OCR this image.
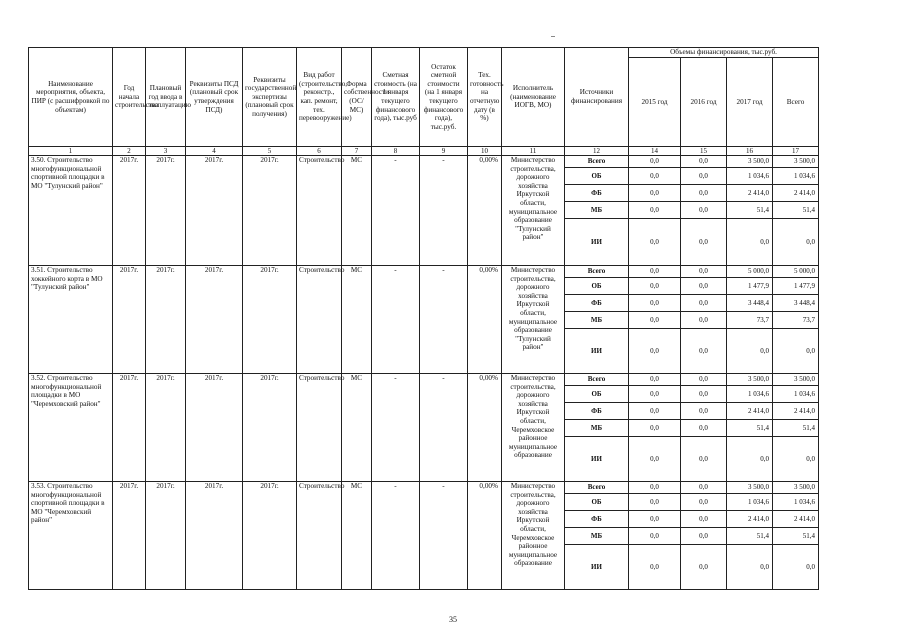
Наименование мероприятия, объекта, ПИР (с расшифровкой по объектам)	Год начала строительства	Плановый год ввода в эксплуатацию	Реквизиты ПСД (плановый срок утверждения ПСД)	Реквизиты государственной экспертизы (плановый срок получения)	Вид работ (строительство, реконстр., кап. ремонт, тех. перевооружение)	Форма собственности (ОС/МС)	Сметная стоимость (на 1 января текущего финансового года), тыс.руб	Остаток сметной стоимости (на 1 января текущего финансового года), тыс.руб.	Тех. готовность на отчетную дату (в %)	Исполнитель (наименование ИОГВ, МО)	Источники финансирования	Объемы финансирования, тыс.руб.			
												2015 год	2016 год	2017 год	Всего
1	2	3	4	5	6	7	8	9	10	11	12	14	15	16	17
3.50. Строительство многофункциональной спортивной площадки в МО "Тулунский район"	2017г.	2017г.	2017г.	2017г.	Строительство	МС	-	-	0,00%	Министерство строительства, дорожного хозяйства Иркутской области, муниципальное образование "Тулунский район"	Всего	0,0	0,0	3 500,0	3 500,0
											ОБ	0,0	0,0	1 034,6	1 034,6
											ФБ	0,0	0,0	2 414,0	2 414,0
											МБ	0,0	0,0	51,4	51,4
											ИИ	0,0	0,0	0,0	0,0
3.51. Строительство хоккейного корта в МО "Тулунский район"	2017г.	2017г.	2017г.	2017г.	Строительство	МС	-	-	0,00%	Министерство строительства, дорожного хозяйства Иркутской области, муниципальное образование "Тулунский район"	Всего	0,0	0,0	5 000,0	5 000,0
											ОБ	0,0	0,0	1 477,9	1 477,9
											ФБ	0,0	0,0	3 448,4	3 448,4
											МБ	0,0	0,0	73,7	73,7
											ИИ	0,0	0,0	0,0	0,0
3.52. Строительство многофункциональной площадки в МО "Черемховский район"	2017г.	2017г.	2017г.	2017г.	Строительство	МС	-	-	0,00%	Министерство строительства, дорожного хозяйства Иркутской области, Черемховское районное муниципальное образование	Всего	0,0	0,0	3 500,0	3 500,0
											ОБ	0,0	0,0	1 034,6	1 034,6
											ФБ	0,0	0,0	2 414,0	2 414,0
											МБ	0,0	0,0	51,4	51,4
											ИИ	0,0	0,0	0,0	0,0
3.53. Строительство многофункциональной спортивной площадки в МО "Черемховский район"	2017г.	2017г.	2017г.	2017г.	Строительство	МС	-	-	0,00%	Министерство строительства, дорожного хозяйства Иркутской области, Черемховское районное муниципальное образование	Всего	0,0	0,0	3 500,0	3 500,0
											ОБ	0,0	0,0	1 034,6	1 034,6
											ФБ	0,0	0,0	2 414,0	2 414,0
											МБ	0,0	0,0	51,4	51,4
											ИИ	0,0	0,0	0,0	0,0
35
